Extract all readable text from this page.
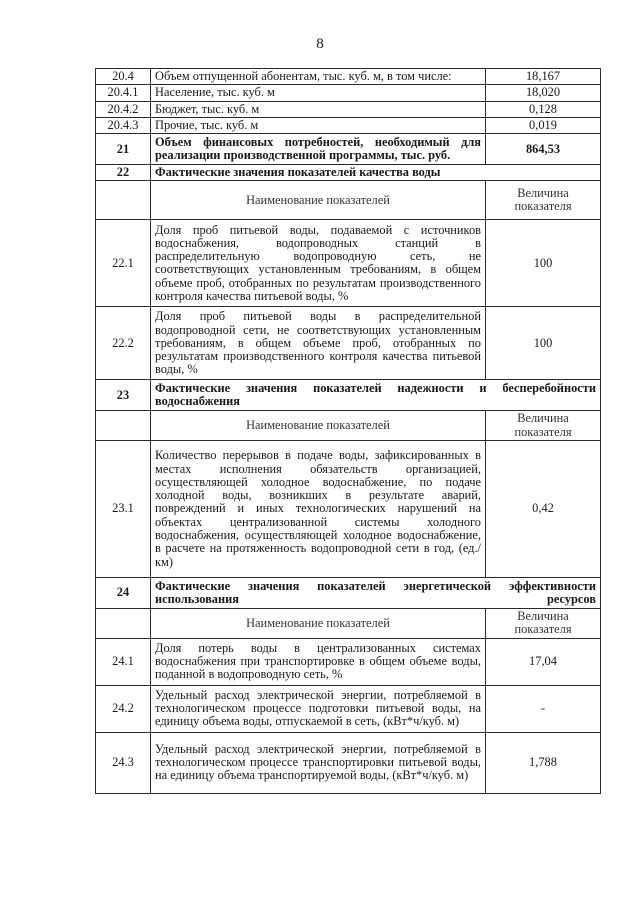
8
20.4	Объем отпущенной абонентам, тыс. куб. м, в том числе:	18,167
20.4.1	Население, тыс. куб. м	18,020
20.4.2	Бюджет, тыс. куб. м	0,128
20.4.3	Прочие, тыс. куб. м	0,019
21	Объем финансовых потребностей, необходимый для реализации производственной программы, тыс. руб.	864,53
22	Фактические значения показателей качества воды	
	Наименование показателей	Величина показателя
22.1	Доля проб питьевой воды, подаваемой с источников водоснабжения, водопроводных станций в распределительную водопроводную сеть, не соответствующих установленным требованиям, в общем объеме проб, отобранных по результатам производственного контроля качества питьевой воды, %	100
22.2	Доля проб питьевой воды в распределительной водопроводной сети, не соответствующих установленным требованиям, в общем объеме проб, отобранных по результатам производственного контроля качества питьевой воды, %	100
23	Фактические значения показателей надежности и бесперебойности водоснабжения	
	Наименование показателей	Величина показателя
23.1	Количество перерывов в подаче воды, зафиксированных в местах исполнения обязательств организацией, осуществляющей холодное водоснабжение, по подаче холодной воды, возникших в результате аварий, повреждений и иных технологических нарушений на объектах централизованной системы холодного водоснабжения, осуществляющей холодное водоснабжение, в расчете на протяженность водопроводной сети в год, (ед./км)	0,42
24	Фактические значения показателей энергетической эффективности использования ресурсов	
	Наименование показателей	Величина показателя
24.1	Доля потерь воды в централизованных системах водоснабжения при транспортировке в общем объеме воды, поданной в водопроводную сеть, %	17,04
24.2	Удельный расход электрической энергии, потребляемой в технологическом процессе подготовки питьевой воды, на единицу объема воды, отпускаемой в сеть, (кВт*ч/куб. м)	-
24.3	Удельный расход электрической энергии, потребляемой в технологическом процессе транспортировки питьевой воды, на единицу объема транспортируемой воды, (кВт*ч/куб. м)	1,788
